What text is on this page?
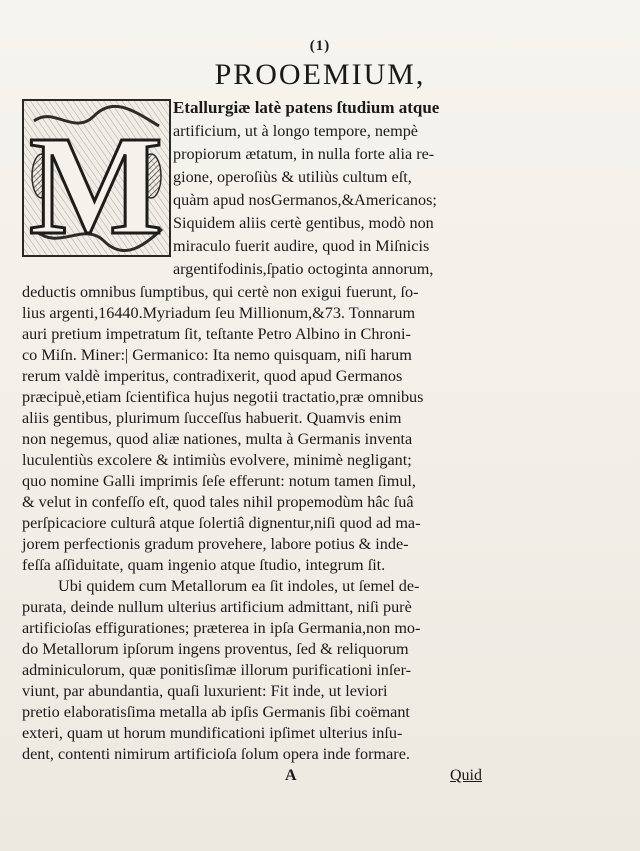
(1)
PROOEMIUM,
M Etallurgiæ latè patens ſtudium atque
artificium, ut à longo tempore, nempè
propiorum ætatum, in nulla forte alia re-
gione, operoſiùs & utiliùs cultum eſt,
quàm apud nosGermanos,&Americanos;
Siquidem aliis certè gentibus, modò non
miraculo fuerit audire, quod in Miſnicis
argentifodinis,ſpatio octoginta annorum,
deductis omnibus ſumptibus, qui certè non exigui fuerunt, ſo-
lius argenti,16440.Myriadum ſeu Millionum,&73. Tonnarum
auri pretium impetratum ſit, teſtante Petro Albino in Chroni-
co Miſn. Miner:| Germanico: Ita nemo quisquam, niſi harum
rerum valdè imperitus, contradixerit, quod apud Germanos
præcipuè,etiam ſcientifica hujus negotii tractatio,præ omnibus
aliis gentibus, plurimum ſucceſſus habuerit. Quamvis enim
non negemus, quod aliæ nationes, multa à Germanis inventa
luculentiùs excolere & intimiùs evolvere, minimè negligant;
quo nomine Galli imprimis ſeſe efferunt: notum tamen ſimul,
& velut in confeſſo eſt, quod tales nihil propemodùm hâc ſuâ
perſpicaciore culturâ atque ſolertiâ dignentur,niſi quod ad ma-
jorem perfectionis gradum provehere, labore potius & inde-
feſſa aſſiduitate, quam ingenio atque ſtudio, integrum ſit.
Ubi quidem cum Metallorum ea ſit indoles, ut ſemel de-
purata, deinde nullum ulterius artificium admittant, niſi purè
artificioſas effigurationes; præterea in ipſa Germania,non mo-
do Metallorum ipſorum ingens proventus, ſed & reliquorum
adminiculorum, quæ ponitisſimæ illorum purificationi inſer-
viunt, par abundantia, quaſi luxurient: Fit inde, ut leviori
pretio elaboratisſima metalla ab ipſis Germanis ſibi coëmant
exteri, quam ut horum mundificationi ipſimet ulterius inſu-
dent, contenti nimirum artificioſa ſolum opera inde formare.
A	Quid
